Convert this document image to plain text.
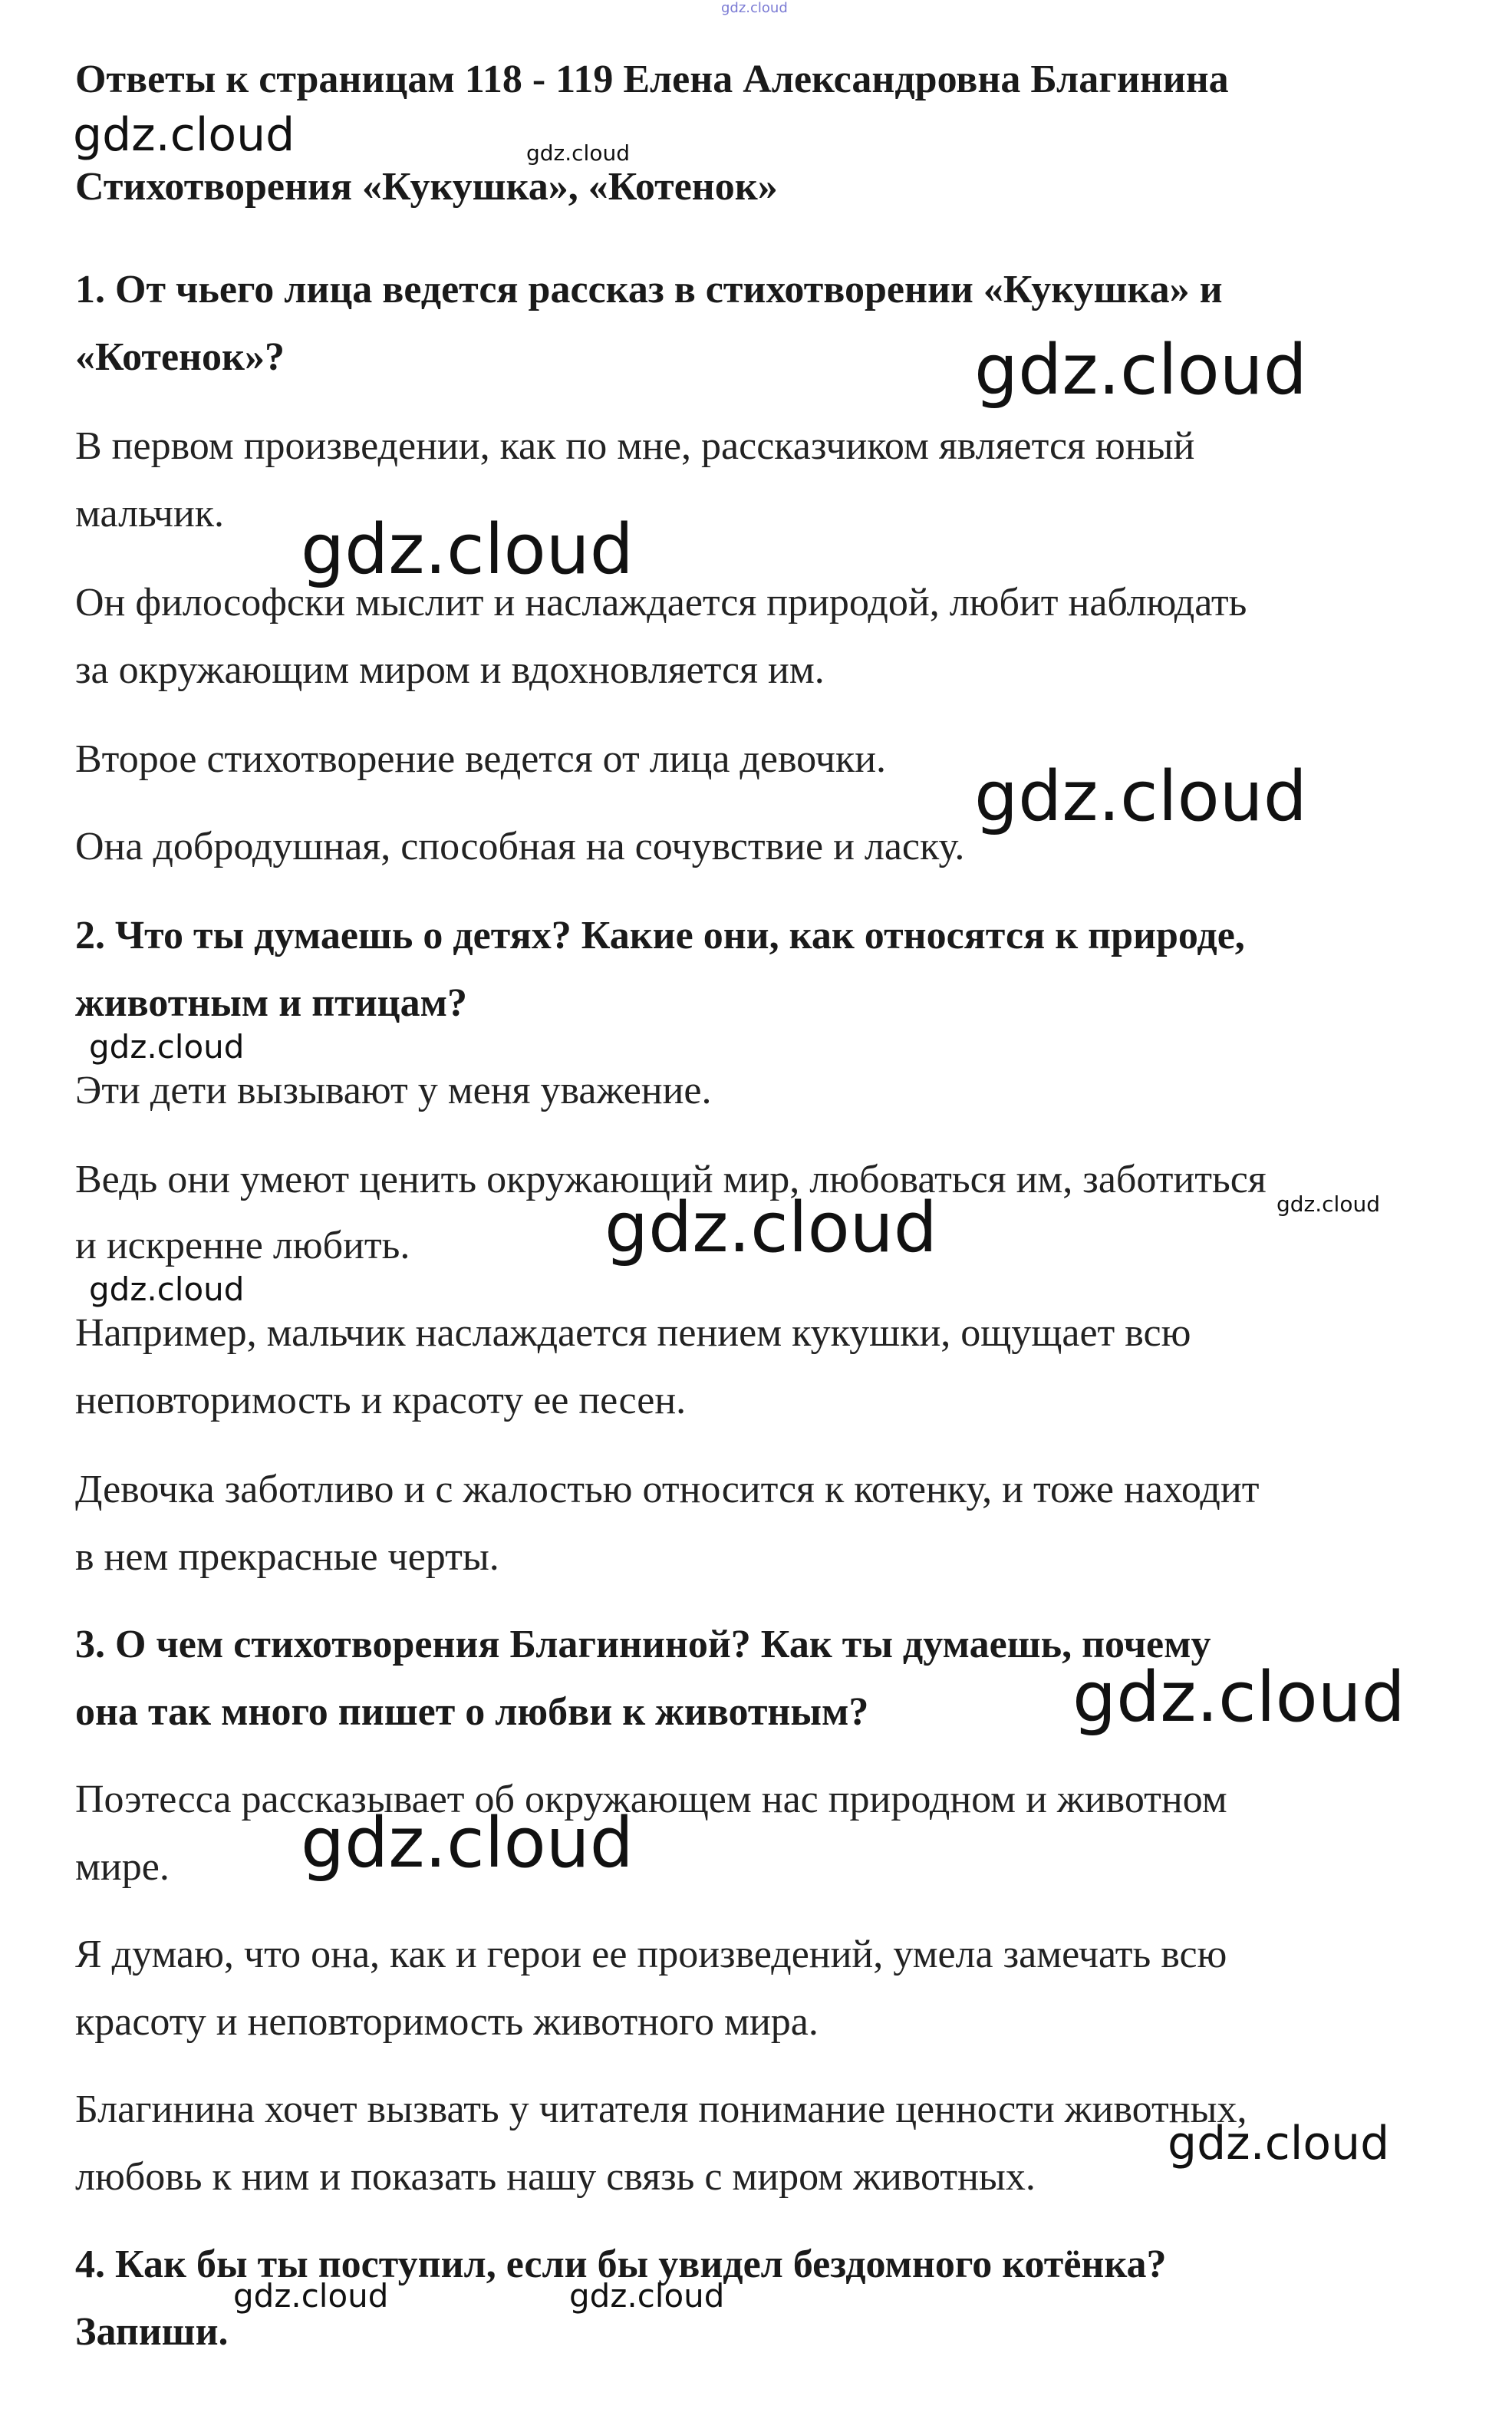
gdz.cloud

Ответы к страницам 118 - 119 Елена Александровна Благинина

gdz.cloud	gdz.cloud

Стихотворения «Кукушка», «Котенок»

1. От чьего лица ведется рассказ в стихотворении «Кукушка» и

«Котенок»?	gdz.cloud

В первом произведении, как по мне, рассказчиком является юный

мальчик. gdz.cloud

Он философски мыслит и наслаждается природой, любит наблюдать

за окружающим миром и вдохновляется им.

Второе стихотворение ведется от лица девочки. gdz.cloud

Она добродушная, способная на сочувствие и ласку.

2. Что ты думаешь о детях? Какие они, как относятся к природе,

животным и птицам?

gdz.cloud

Эти дети вызывают у меня уважение.

Ведь они умеют ценить окружающий мир, любоваться им, заботиться

и искренне любить.	gdz.cloud	gdz.cloud
gdz.cloud

Например, мальчик наслаждается пением кукушки, ощущает всю

неповторимость и красоту ее песен.

Девочка заботливо и с жалостью относится к котенку, и тоже находит

в нем прекрасные черты.

3. О чем стихотворения Благининой? Как ты думаешь, почему

она так много пишет о любви к животным?	gdz.cloud

Поэтесса рассказывает об окружающем нас природном и животном

мире. gdz.cloud

Я думаю, что она, как и герои ее произведений, умела замечать всю

красоту и неповторимость животного мира.

Благинина хочет вызвать у читателя понимание ценности животных,

любовь к ним и показать нашу связь с миром животных.

gdz.cloud

4. Как бы ты поступил, если бы увидел бездомного котёнка?

gdz.cloud	gdz.cloud

Запиши.
